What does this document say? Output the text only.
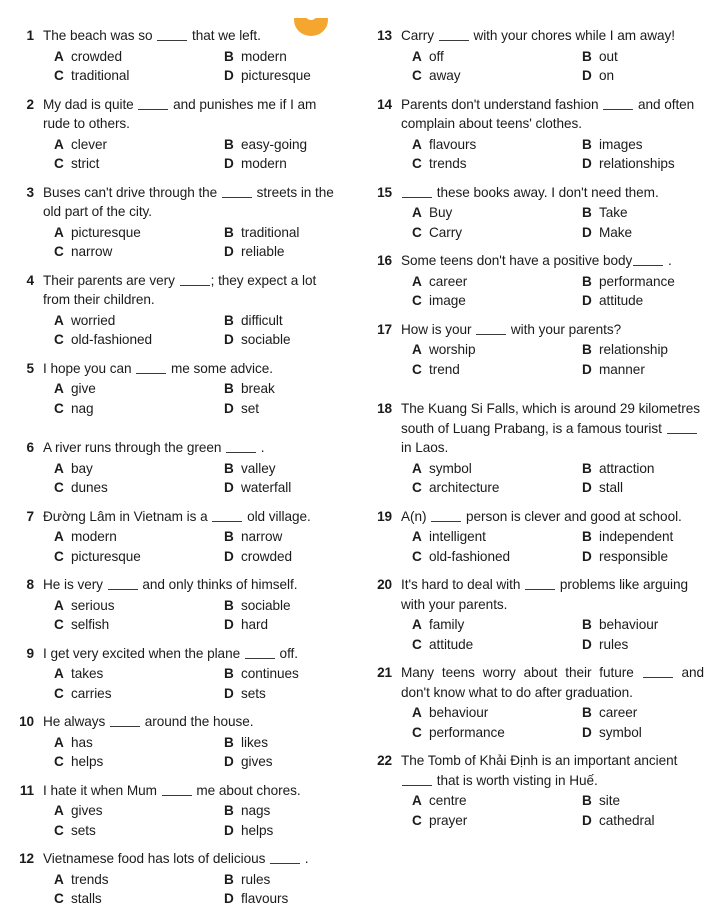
1 The beach was so  that we left.
A crowded	B modern
C traditional	D picturesque
2 My dad is quite  and punishes me if I am rude to others.
A clever	B easy-going
C strict	D modern
3 Buses can't drive through the  streets in the old part of the city.
A picturesque	B traditional
C narrow	D reliable
4 Their parents are very ; they expect a lot from their children.
A worried	B difficult
C old-fashioned	D sociable
5 I hope you can  me some advice.
A give	B break
C nag	D set
6 A river runs through the green  .
A bay	B valley
C dunes	D waterfall
7 Đường Lâm in Vietnam is a  old village.
A modern	B narrow
C picturesque	D crowded
8 He is very  and only thinks of himself.
A serious	B sociable
C selfish	D hard
9 I get very excited when the plane  off.
A takes	B continues
C carries	D sets
10 He always  around the house.
A has	B likes
C helps	D gives
11 I hate it when Mum  me about chores.
A gives	B nags
C sets	D helps
12 Vietnamese food has lots of delicious  .
A trends	B rules
C stalls	D flavours
13 Carry  with your chores while I am away!
A off	B out
C away	D on
14 Parents don't understand fashion  and often complain about teens' clothes.
A flavours	B images
C trends	D relationships
15	these books away. I don't need them.
A Buy	B Take
C Carry	D Make
16 Some teens don't have a positive body .
A career	B performance
C image	D attitude
17 How is your  with your parents?
A worship	B relationship
C trend	D manner
18 The Kuang Si Falls, which is around 29 kilometres south of Luang Prabang, is a famous tourist  in Laos.
A symbol	B attraction
C architecture	D stall
19 A(n)  person is clever and good at school.
A intelligent	B independent
C old-fashioned	D responsible
20 It's hard to deal with  problems like arguing with your parents.
A family	B behaviour
C attitude	D rules
21 Many teens worry about their future  and don't know what to do after graduation.
A behaviour	B career
C performance	D symbol
22 The Tomb of Khải Định is an important ancient  that is worth visting in Huế.
A centre	B site
C prayer	D cathedral
